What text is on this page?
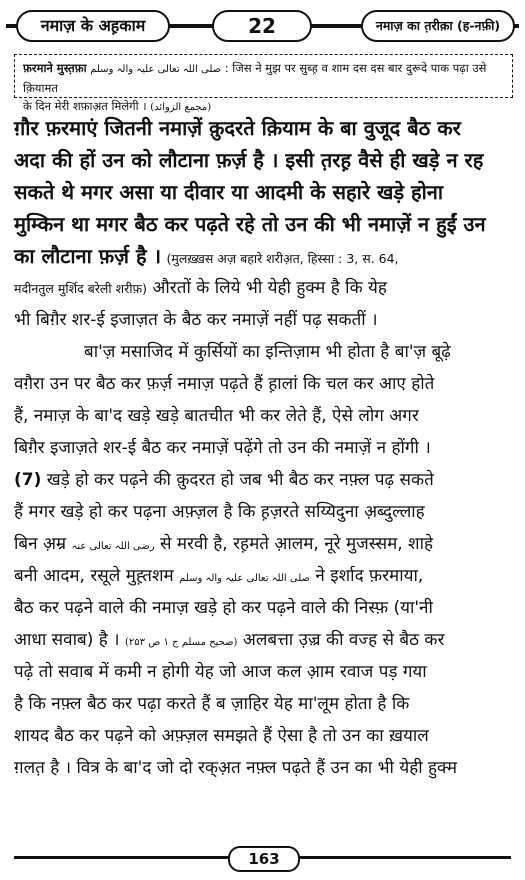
नमाज़ के अह़काम	22	नमाज़ का त़रीक़ा (ह-नफ़ी)
फ़रमाने मुस्त़फ़ा صلی اللہ تعالی علیہ والہ وسلم : जिस ने मुझ पर सुब्ह़ व शाम दस दस बार दुरूदे पाक पढ़ा उसे क़ियामत
के दिन मेरी शफ़ाअ़त मिलेगी । (مجمع الزوائد)
ग़ौर फ़रमाएं जितनी नमाज़ें क़ुदरते क़ियाम के बा वुजूद बैठ कर
अदा की हों उन को लौटाना फ़र्ज़ है । इसी त़रह़ वैसे ही खड़े न रह
सकते थे मगर असा या दीवार या आदमी के सहारे खड़े होना
मुम्किन था मगर बैठ कर पढ़ते रहे तो उन की भी नमाज़ें न हुईं उन
का लौटाना फ़र्ज़ है । (मुलख़्ख़स अज़ बहारे शरीअ़त, हिस्सा : 3, स. 64,
मदीनतुल मुर्शिद बरेली शरीफ़) औरतों के लिये भी येही हुक्म है कि येह
भी बिग़ैर शर-ई इजाज़त के बैठ कर नमाज़ें नहीं पढ़ सकतीं ।
बा'ज़ मसाजिद में कुर्सियों का इन्तिज़ाम भी होता है बा'ज़ बूढ़े
वग़ैरा उन पर बैठ कर फ़र्ज़ नमाज़ पढ़ते हैं ह़ालां कि चल कर आए होते
हैं, नमाज़ के बा'द खड़े खड़े बातचीत भी कर लेते हैं, ऐसे लोग अगर
बिग़ैर इजाज़ते शर-ई बैठ कर नमाज़ें पढ़ेंगे तो उन की नमाज़ें न होंगी ।
(7) खड़े हो कर पढ़ने की क़ुदरत हो जब भी बैठ कर नफ़्ल पढ़ सकते
हैं मगर खड़े हो कर पढ़ना अफ़्ज़ल है कि ह़ज़रते सय्यिदुना अ़ब्दुल्लाह
बिन अ़म्र رضی اللہ تعالی عنہ से मरवी है, रह़मते आ़लम, नूरे मुजस्सम, शाहे
बनी आदम, रसूले मुह़्तशम صلی اللہ تعالی علیہ والہ وسلم ने इर्शाद फ़रमाया,
बैठ कर पढ़ने वाले की नमाज़ खड़े हो कर पढ़ने वाले की निस्फ़ (या'नी
आधा सवाब) है । (صحیح مسلم ج ۱ ص ۲۵۳) अलबत्ता उ़ज़्र की वज्ह से बैठ कर
पढ़े तो सवाब में कमी न होगी येह जो आज कल आ़म रवाज पड़ गया
है कि नफ़्ल बैठ कर पढ़ा करते हैं ब ज़ाहिर येह मा'लूम होता है कि
शायद बैठ कर पढ़ने को अफ़्ज़ल समझते हैं ऐसा है तो उन का ख़याल
ग़लत़ है । वित्र के बा'द जो दो रक्अ़त नफ़्ल पढ़ते हैं उन का भी येही हुक्म
163
